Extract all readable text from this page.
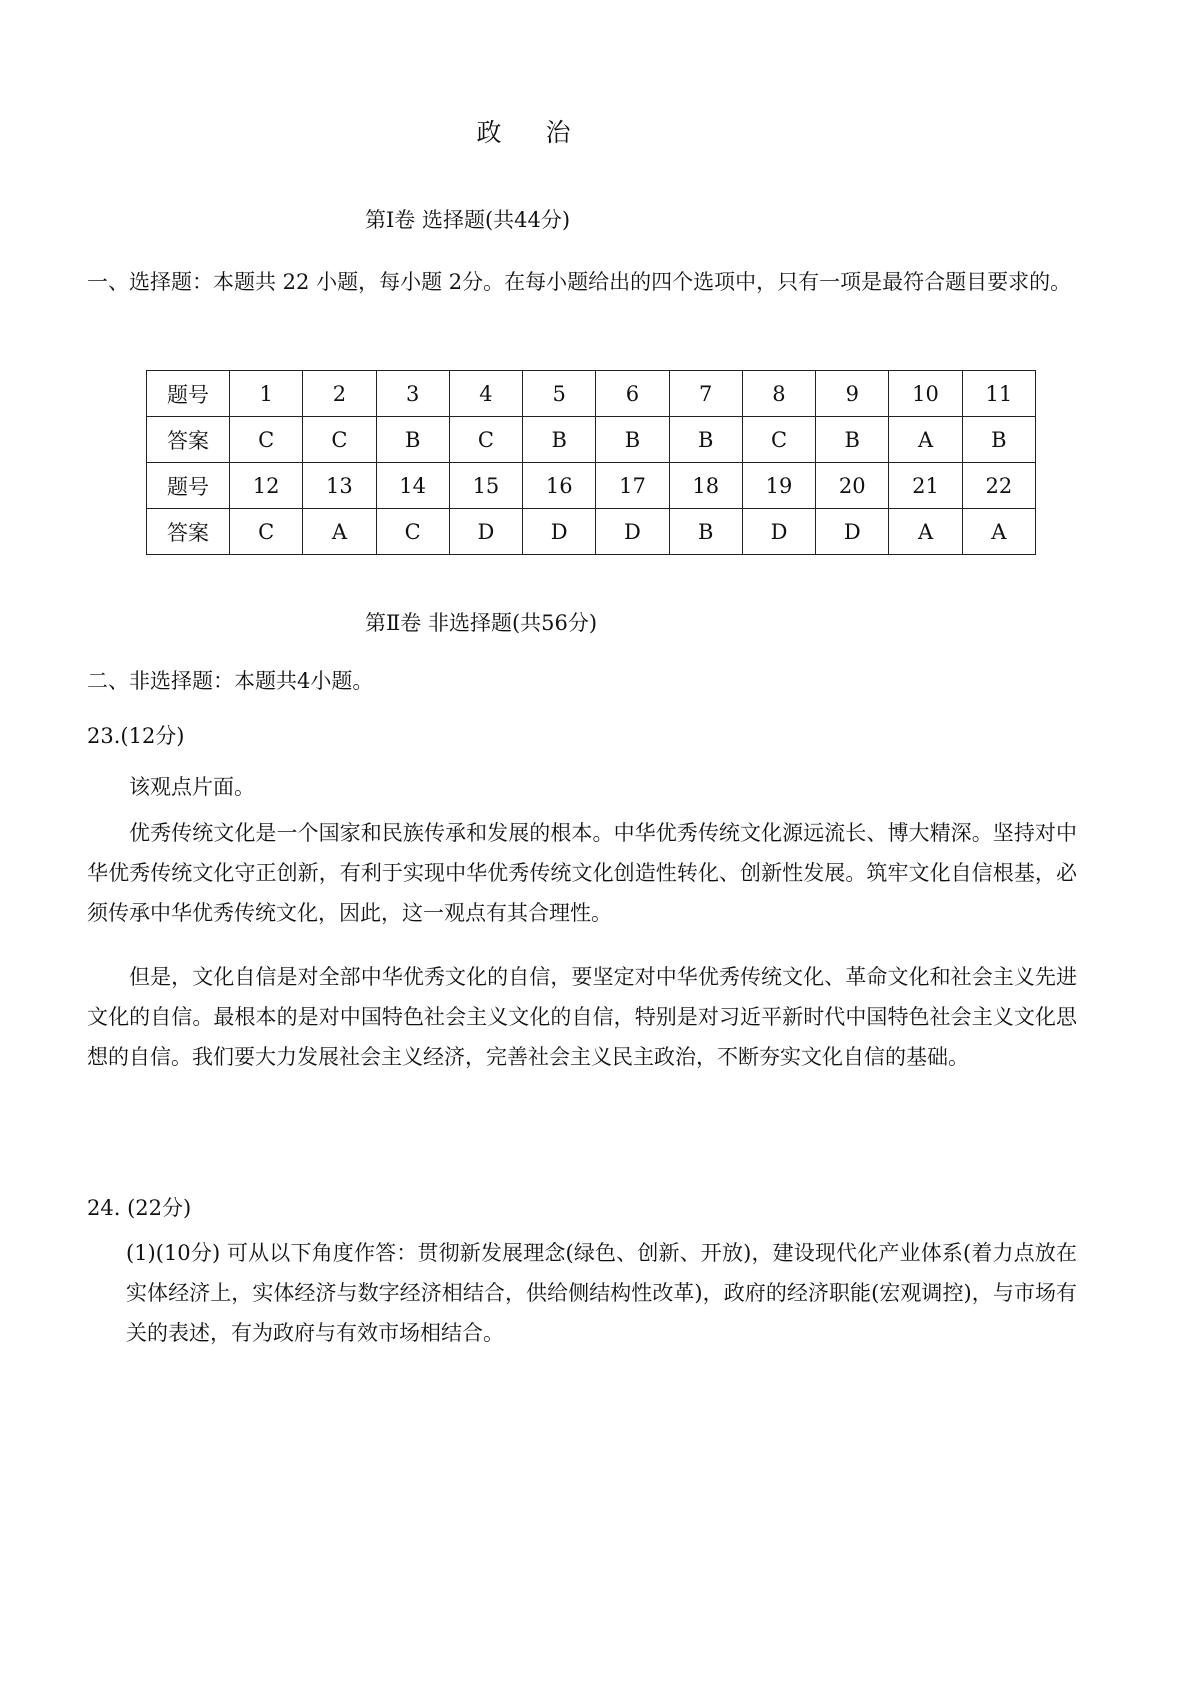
政 治
第Ⅰ卷 选择题(共44分)
一、选择题：本题共 22 小题，每小题 2分。在每小题给出的四个选项中，只有一项是最符合题目要求的。
题号	1	2	3	4	5	6	7	8	9	10	11
答案	C	C	B	C	B	B	B	C	B	A	B
题号	12	13	14	15	16	17	18	19	20	21	22
答案	C	A	C	D	D	D	B	D	D	A	A
第Ⅱ卷 非选择题(共56分)
二、非选择题：本题共4小题。
23.(12分)
该观点片面。
优秀传统文化是一个国家和民族传承和发展的根本。中华优秀传统文化源远流长、博大精深。坚持对中华优秀传统文化守正创新，有利于实现中华优秀传统文化创造性转化、创新性发展。筑牢文化自信根基，必须传承中华优秀传统文化，因此，这一观点有其合理性。
但是，文化自信是对全部中华优秀文化的自信，要坚定对中华优秀传统文化、革命文化和社会主义先进文化的自信。最根本的是对中国特色社会主义文化的自信，特别是对习近平新时代中国特色社会主义文化思想的自信。我们要大力发展社会主义经济，完善社会主义民主政治，不断夯实文化自信的基础。
24. (22分)
(1)(10分) 可从以下角度作答：贯彻新发展理念(绿色、创新、开放)，建设现代化产业体系(着力点放在实体经济上，实体经济与数字经济相结合，供给侧结构性改革)，政府的经济职能(宏观调控)，与市场有关的表述，有为政府与有效市场相结合。
